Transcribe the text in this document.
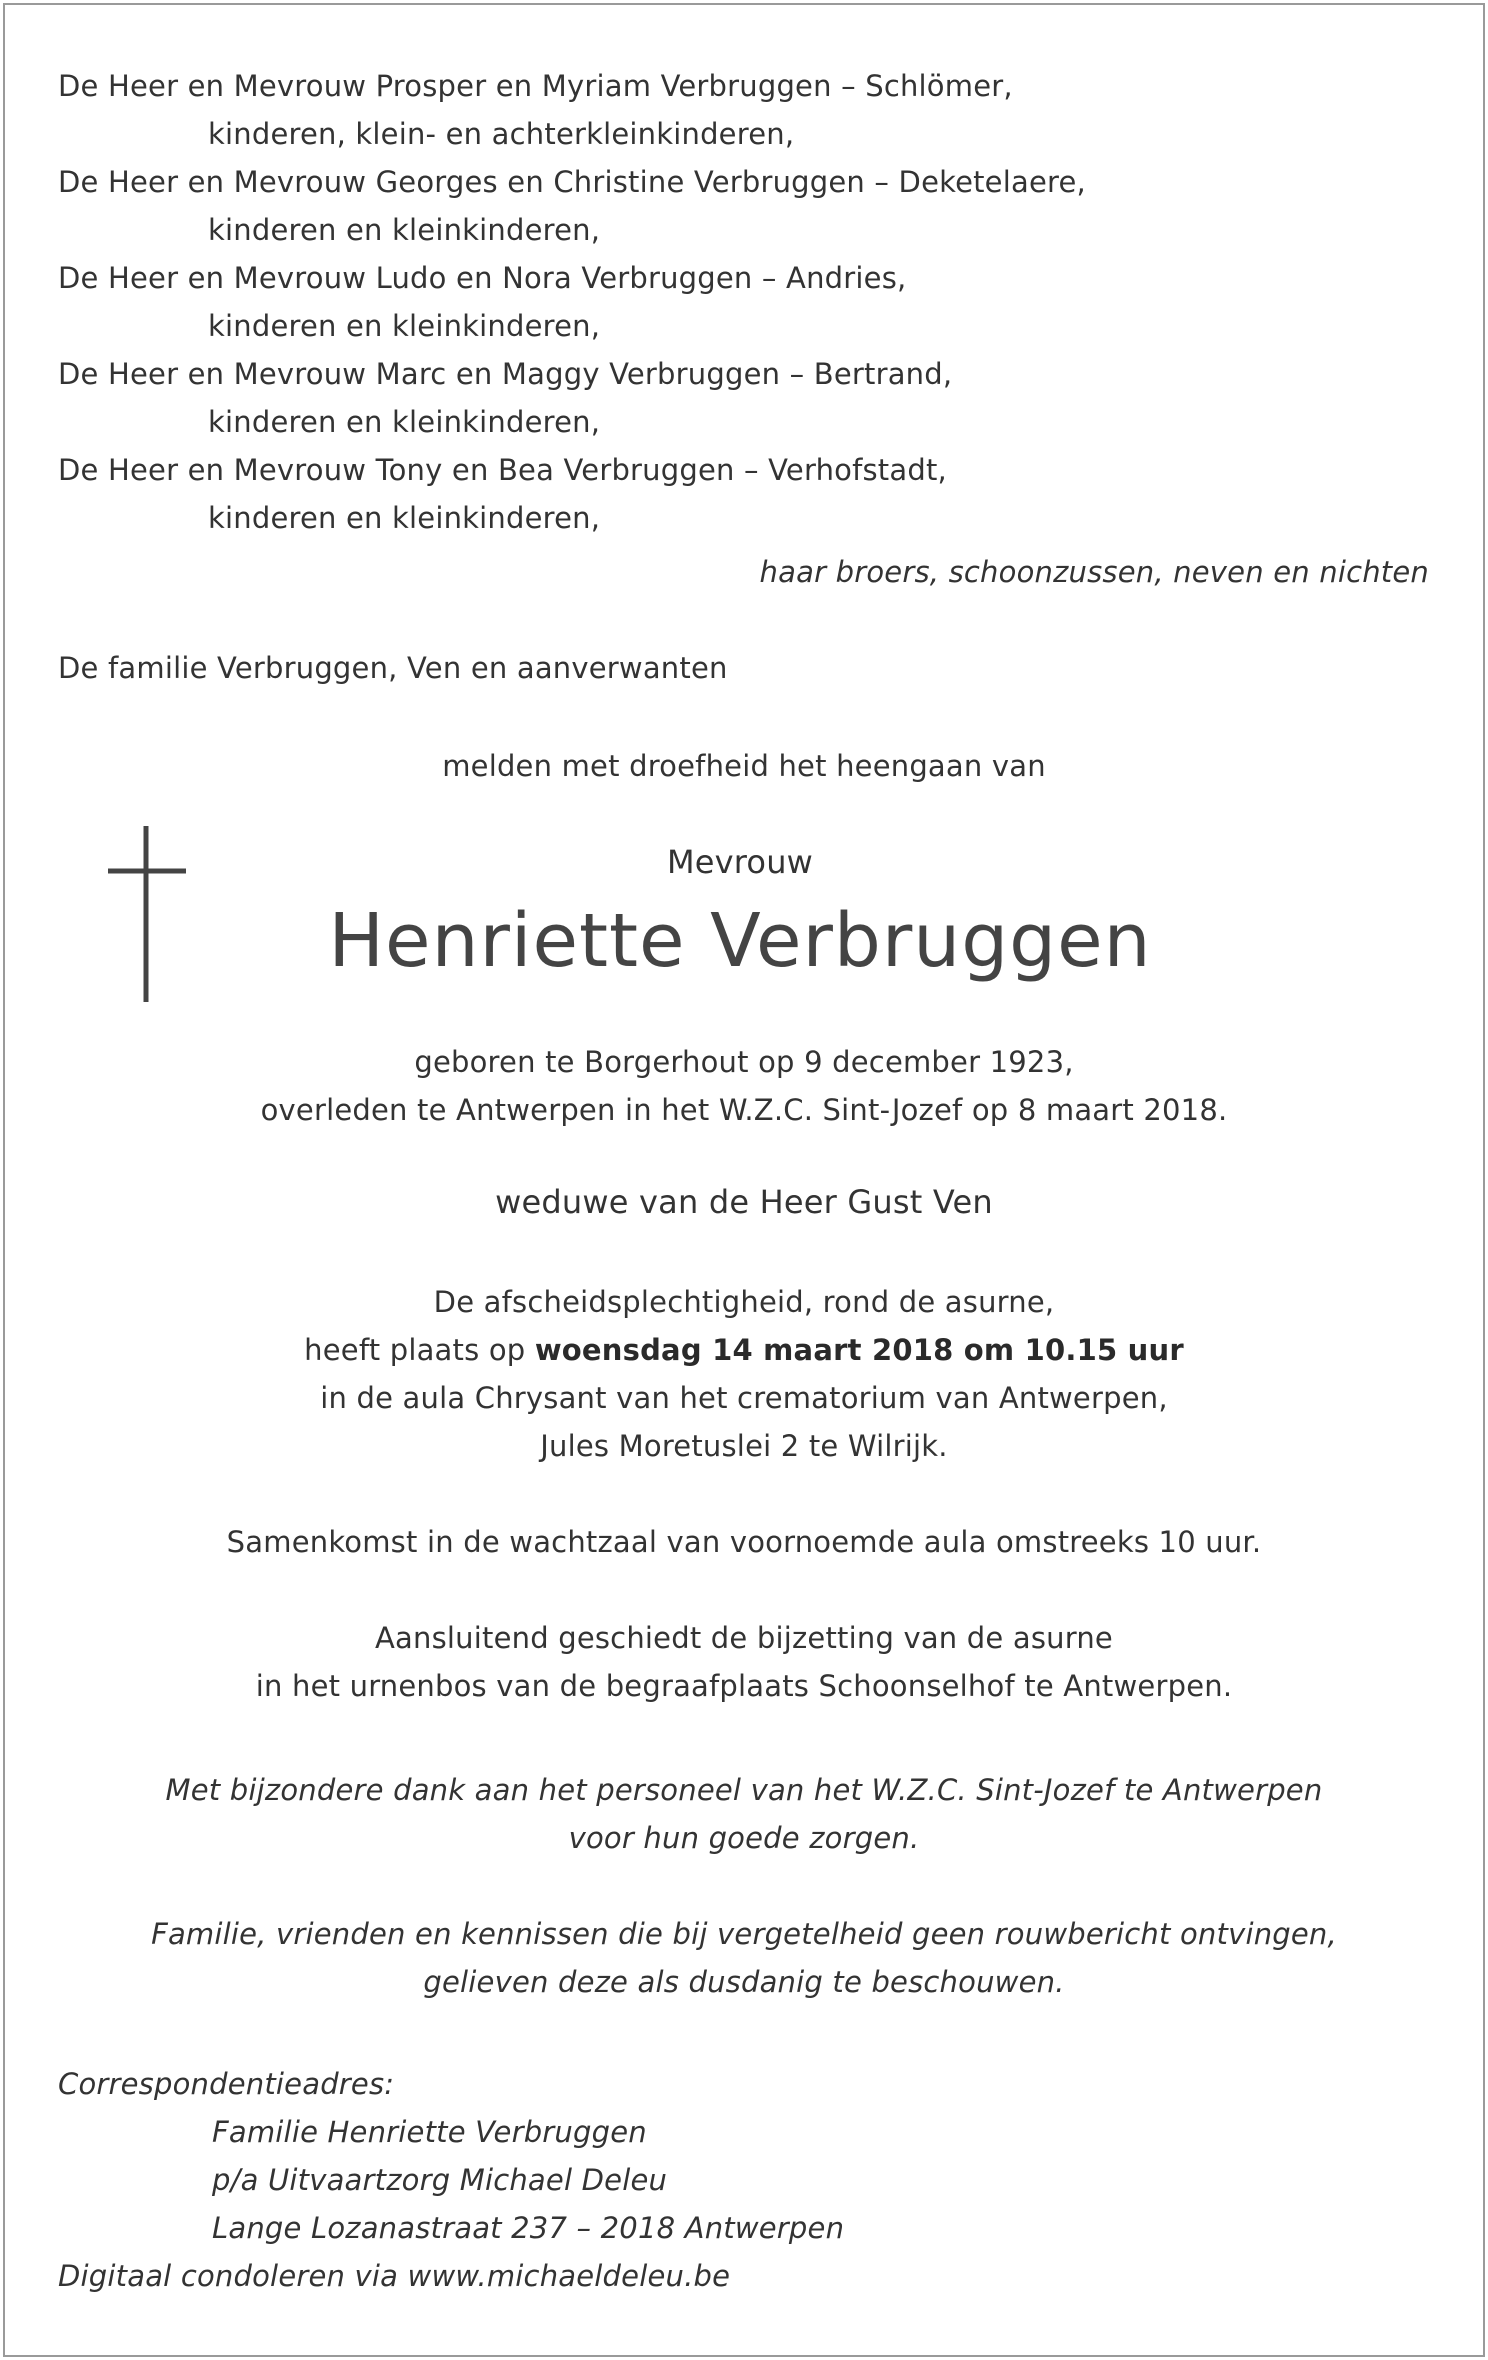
De Heer en Mevrouw Prosper en Myriam Verbruggen – Schlömer,
kinderen, klein- en achterkleinkinderen,
De Heer en Mevrouw Georges en Christine Verbruggen – Deketelaere,
kinderen en kleinkinderen,
De Heer en Mevrouw Ludo en Nora Verbruggen – Andries,
kinderen en kleinkinderen,
De Heer en Mevrouw Marc en Maggy Verbruggen – Bertrand,
kinderen en kleinkinderen,
De Heer en Mevrouw Tony en Bea Verbruggen – Verhofstadt,
kinderen en kleinkinderen,
haar broers, schoonzussen, neven en nichten
De familie Verbruggen, Ven en aanverwanten
melden met droefheid het heengaan van
Mevrouw
Henriette Verbruggen
geboren te Borgerhout op 9 december 1923,
overleden te Antwerpen in het W.Z.C. Sint-Jozef op 8 maart 2018.
weduwe van de Heer Gust Ven
De afscheidsplechtigheid, rond de asurne,
heeft plaats op woensdag 14 maart 2018 om 10.15 uur
in de aula Chrysant van het crematorium van Antwerpen,
Jules Moretuslei 2 te Wilrijk.
Samenkomst in de wachtzaal van voornoemde aula omstreeks 10 uur.
Aansluitend geschiedt de bijzetting van de asurne
in het urnenbos van de begraafplaats Schoonselhof te Antwerpen.
Met bijzondere dank aan het personeel van het W.Z.C. Sint-Jozef te Antwerpen
voor hun goede zorgen.
Familie, vrienden en kennissen die bij vergetelheid geen rouwbericht ontvingen,
gelieven deze als dusdanig te beschouwen.
Correspondentieadres:
Familie Henriette Verbruggen
p/a Uitvaartzorg Michael Deleu
Lange Lozanastraat 237 – 2018 Antwerpen
Digitaal condoleren via www.michaeldeleu.be
